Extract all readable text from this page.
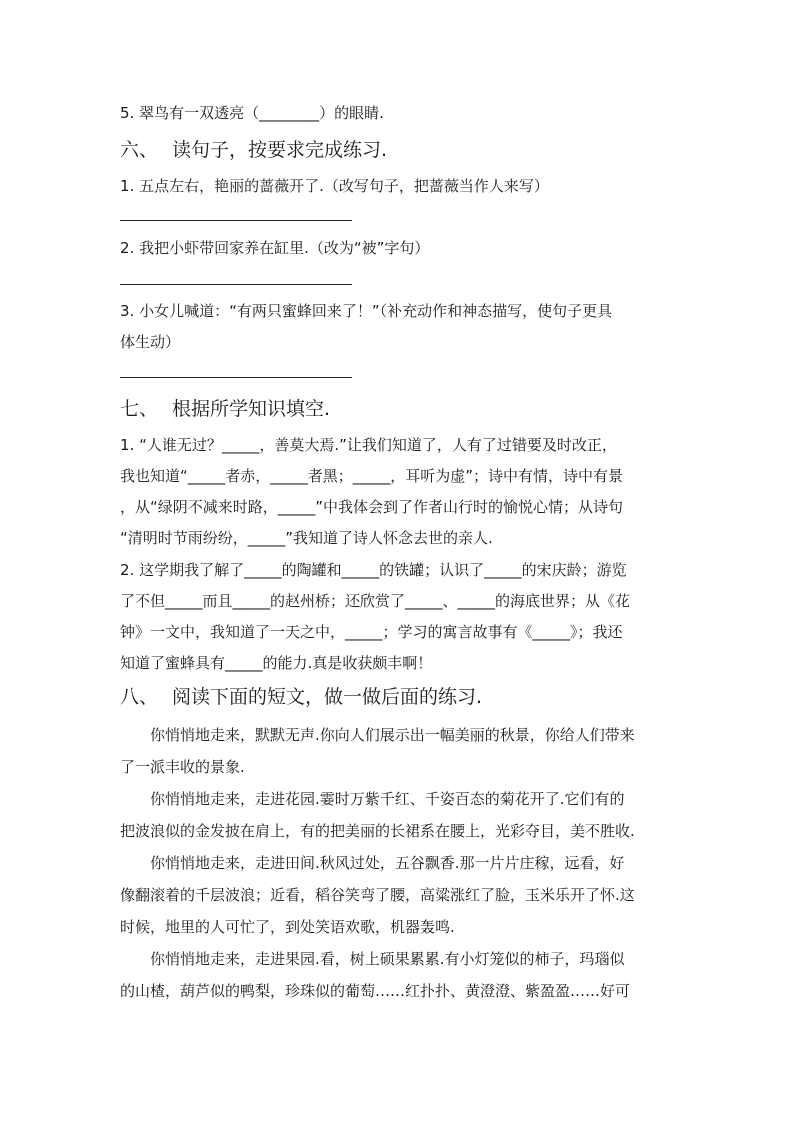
5. 翠鸟有一双透亮（________）的眼睛.

六、 读句子，按要求完成练习.

1. 五点左右，艳丽的蔷薇开了.（改写句子，把蔷薇当作人来写）

2. 我把小虾带回家养在缸里.（改为“被”字句）

3. 小女儿喊道：“有两只蜜蜂回来了！”（补充动作和神态描写，使句子更具

体生动）

七、 根据所学知识填空.

1. “人谁无过？_____，善莫大焉.”让我们知道了，人有了过错要及时改正，

我也知道“_____者赤，_____者黑；_____，耳听为虚”；诗中有情，诗中有景

，从“绿阴不减来时路，_____”中我体会到了作者山行时的愉悦心情；从诗句

“清明时节雨纷纷，_____”我知道了诗人怀念去世的亲人.

2. 这学期我了解了_____的陶罐和_____的铁罐；认识了_____的宋庆龄；游览

了不但_____而且_____的赵州桥；还欣赏了_____、_____的海底世界；从《花

钟》一文中，我知道了一天之中，_____；学习的寓言故事有《_____》；我还

知道了蜜蜂具有_____的能力.真是收获颇丰啊！

八、 阅读下面的短文，做一做后面的练习.

你悄悄地走来，默默无声.你向人们展示出一幅美丽的秋景，你给人们带来

了一派丰收的景象.

你悄悄地走来，走进花园.霎时万紫千红、千姿百态的菊花开了.它们有的

把波浪似的金发披在肩上，有的把美丽的长裙系在腰上，光彩夺目，美不胜收.

你悄悄地走来，走进田间.秋风过处，五谷飘香.那一片片庄稼，远看，好

像翻滚着的千层波浪；近看，稻谷笑弯了腰，高粱涨红了脸，玉米乐开了怀.这

时候，地里的人可忙了，到处笑语欢歌，机器轰鸣.

你悄悄地走来，走进果园.看，树上硕果累累.有小灯笼似的柿子，玛瑙似

的山楂，葫芦似的鸭梨，珍珠似的葡萄……红扑扑、黄澄澄、紫盈盈……好可
